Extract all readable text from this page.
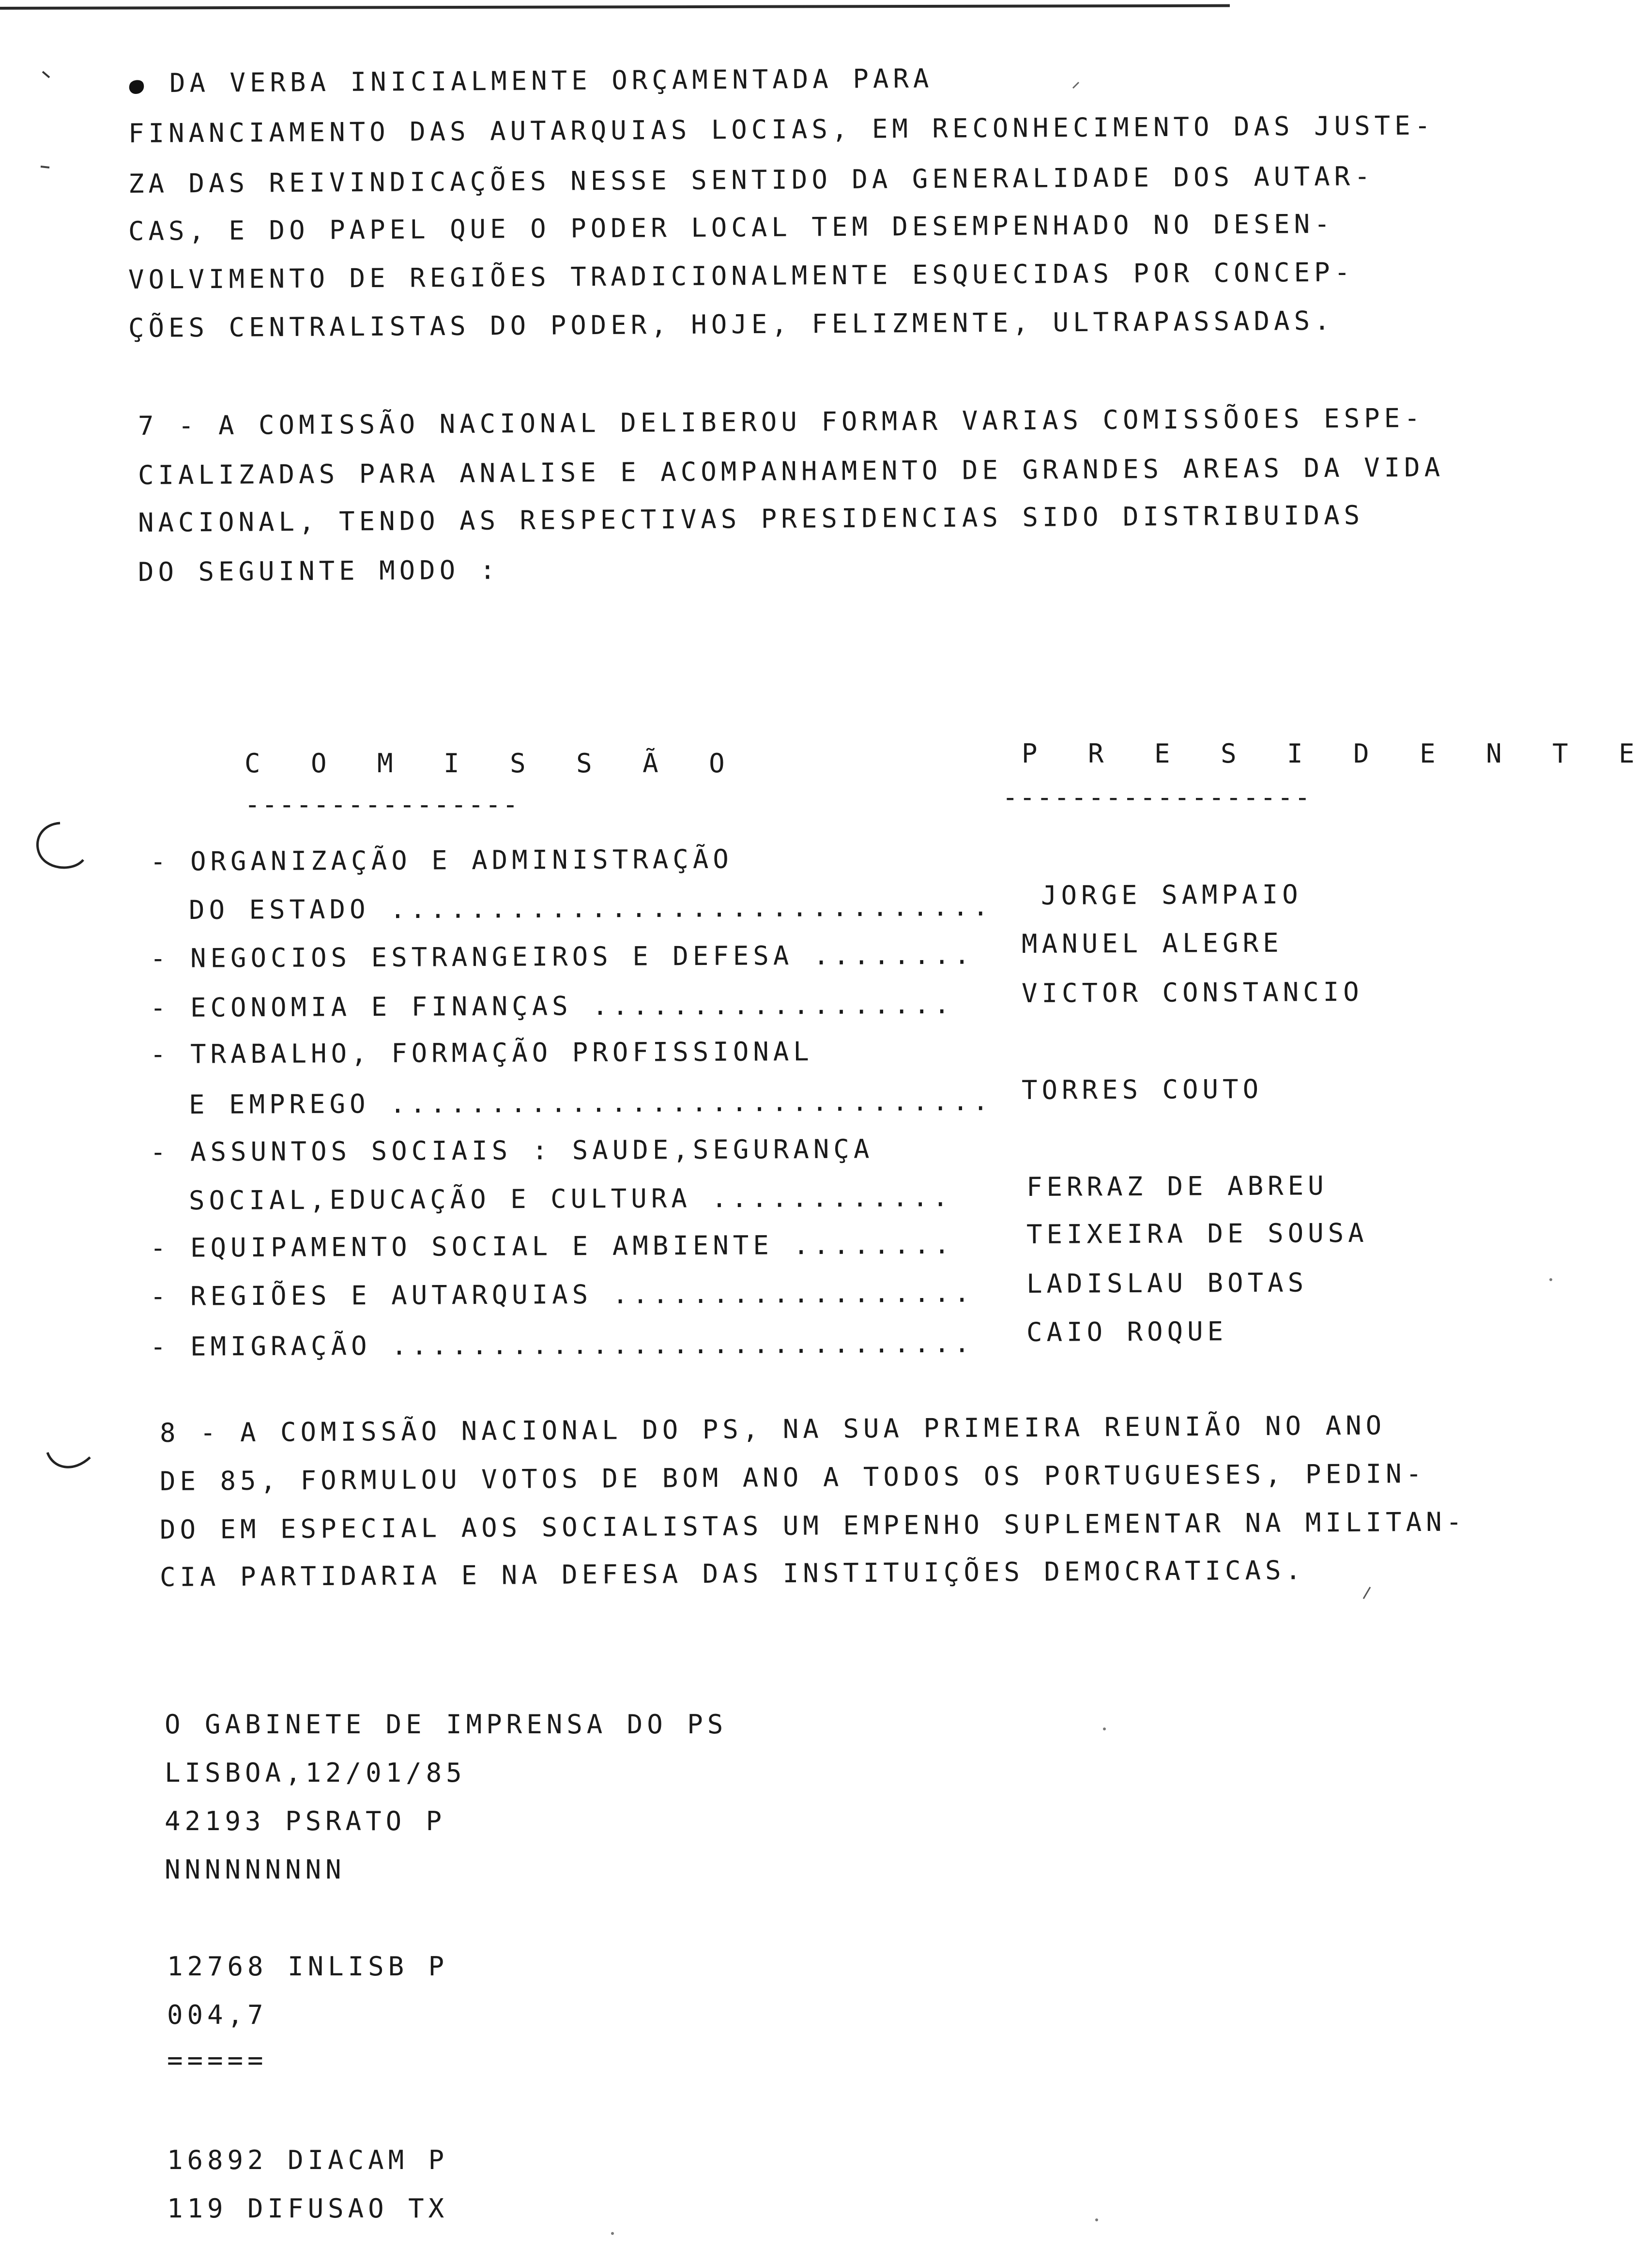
DA VERBA INICIALMENTE ORÇAMENTADA PARA
FINANCIAMENTO DAS AUTARQUIAS LOCIAS, EM RECONHECIMENTO DAS JUSTE-
ZA DAS REIVINDICAÇÕES NESSE SENTIDO DA GENERALIDADE DOS AUTAR-
CAS, E DO PAPEL QUE O PODER LOCAL TEM DESEMPENHADO NO DESEN-
VOLVIMENTO DE REGIÕES TRADICIONALMENTE ESQUECIDAS POR CONCEP-
ÇÕES CENTRALISTAS DO PODER, HOJE, FELIZMENTE, ULTRAPASSADAS.
7 - A COMISSÃO NACIONAL DELIBEROU FORMAR VARIAS COMISSÕOES ESPE-
CIALIZADAS PARA ANALISE E ACOMPANHAMENTO DE GRANDES AREAS DA VIDA
NACIONAL, TENDO AS RESPECTIVAS PRESIDENCIAS SIDO DISTRIBUIDAS
DO SEGUINTE MODO :
C O M I S S Ã O	P R E S I D E N T E
----------------	------------------
- ORGANIZAÇÃO E ADMINISTRAÇÃO
DO ESTADO ..............................
- NEGOCIOS ESTRANGEIROS E DEFESA ........
- ECONOMIA E FINANÇAS ..................
- TRABALHO, FORMAÇÃO PROFISSIONAL
E EMPREGO ..............................
- ASSUNTOS SOCIAIS : SAUDE,SEGURANÇA
SOCIAL,EDUCAÇÃO E CULTURA ............
- EQUIPAMENTO SOCIAL E AMBIENTE ........
- REGIÕES E AUTARQUIAS ..................
- EMIGRAÇÃO .............................
JORGE SAMPAIO
MANUEL ALEGRE
VICTOR CONSTANCIO
TORRES COUTO
FERRAZ DE ABREU
TEIXEIRA DE SOUSA
LADISLAU BOTAS
CAIO ROQUE
8 - A COMISSÃO NACIONAL DO PS, NA SUA PRIMEIRA REUNIÃO NO ANO
DE 85, FORMULOU VOTOS DE BOM ANO A TODOS OS PORTUGUESES, PEDIN-
DO EM ESPECIAL AOS SOCIALISTAS UM EMPENHO SUPLEMENTAR NA MILITAN-
CIA PARTIDARIA E NA DEFESA DAS INSTITUIÇÕES DEMOCRATICAS.
O GABINETE DE IMPRENSA DO PS
LISBOA,12/01/85
42193 PSRATO P
NNNNNNNNN
12768 INLISB P
004,7
=====
16892 DIACAM P
119 DIFUSAO TX
